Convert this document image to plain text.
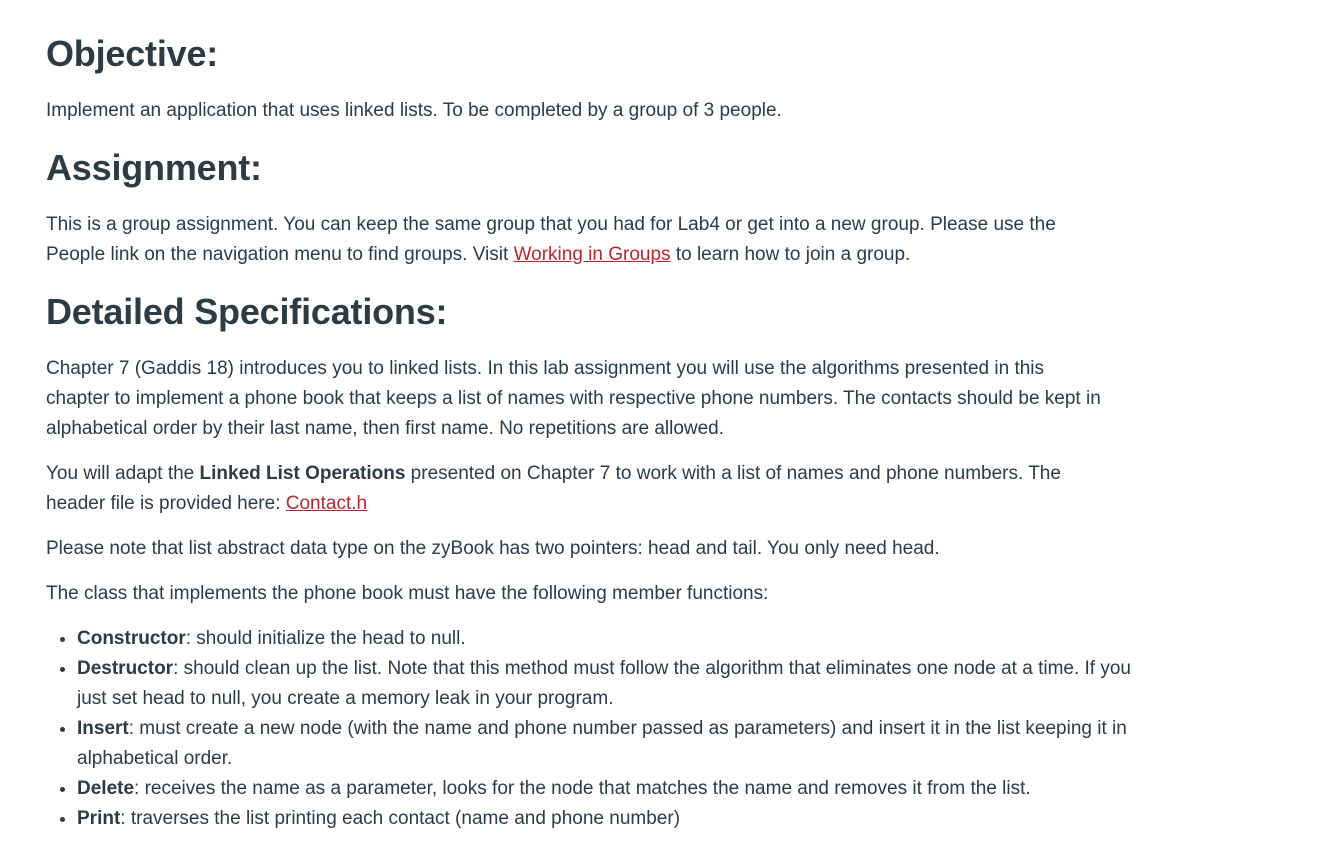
Objective:

Implement an application that uses linked lists. To be completed by a group of 3 people.

Assignment:

This is a group assignment. You can keep the same group that you had for Lab4 or get into a new group. Please use the People link on the navigation menu to find groups. Visit Working in Groups to learn how to join a group.

Detailed Specifications:

Chapter 7 (Gaddis 18) introduces you to linked lists. In this lab assignment you will use the algorithms presented in this chapter to implement a phone book that keeps a list of names with respective phone numbers. The contacts should be kept in alphabetical order by their last name, then first name. No repetitions are allowed.

You will adapt the Linked List Operations presented on Chapter 7 to work with a list of names and phone numbers. The header file is provided here: Contact.h

Please note that list abstract data type on the zyBook has two pointers: head and tail. You only need head.

The class that implements the phone book must have the following member functions:

• Constructor: should initialize the head to null.
• Destructor: should clean up the list. Note that this method must follow the algorithm that eliminates one node at a time. If you just set head to null, you create a memory leak in your program.
• Insert: must create a new node (with the name and phone number passed as parameters) and insert it in the list keeping it in alphabetical order.
• Delete: receives the name as a parameter, looks for the node that matches the name and removes it from the list.
• Print: traverses the list printing each contact (name and phone number)
